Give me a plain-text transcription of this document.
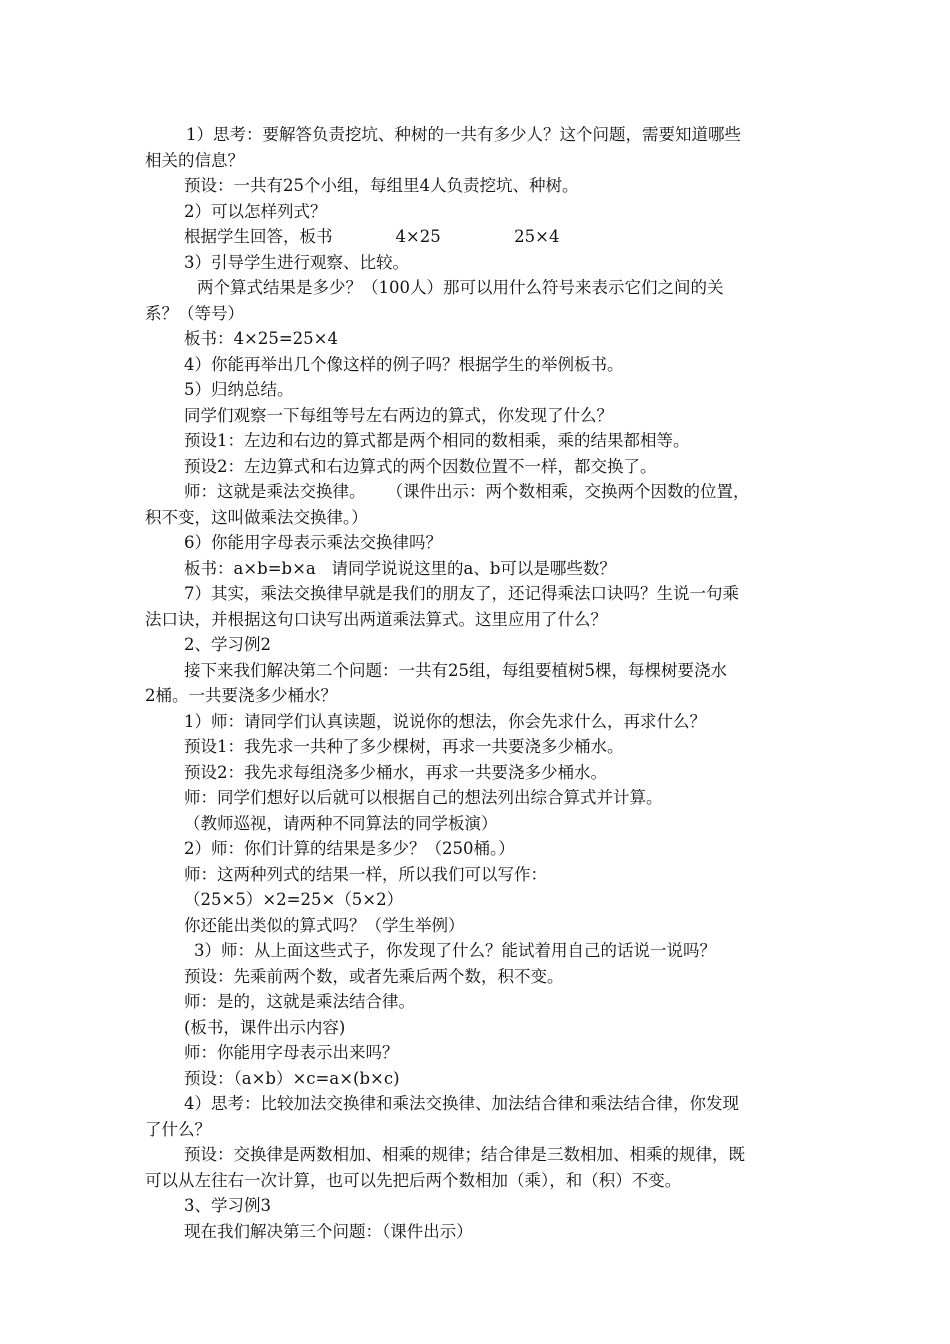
1）思考：要解答负责挖坑、种树的一共有多少人？这个问题，需要知道哪些
相关的信息？
预设：一共有25个小组，每组里4人负责挖坑、种树。
2）可以怎样列式？
根据学生回答，板书            4×25              25×4
3）引导学生进行观察、比较。
两个算式结果是多少？（100人）那可以用什么符号来表示它们之间的关
系？（等号）
板书：4×25=25×4
4）你能再举出几个像这样的例子吗？根据学生的举例板书。
5）归纳总结。
同学们观察一下每组等号左右两边的算式，你发现了什么？
预设1：左边和右边的算式都是两个相同的数相乘，乘的结果都相等。
预设2：左边算式和右边算式的两个因数位置不一样，都交换了。
师：这就是乘法交换律。    （课件出示：两个数相乘，交换两个因数的位置，
积不变，这叫做乘法交换律。）
6）你能用字母表示乘法交换律吗？
板书：a×b=b×a   请同学说说这里的a、b可以是哪些数？
7）其实，乘法交换律早就是我们的朋友了，还记得乘法口诀吗？生说一句乘
法口诀，并根据这句口诀写出两道乘法算式。这里应用了什么？
2、学习例2
接下来我们解决第二个问题：一共有25组，每组要植树5棵，每棵树要浇水
2桶。一共要浇多少桶水？
1）师：请同学们认真读题，说说你的想法，你会先求什么，再求什么？
预设1：我先求一共种了多少棵树，再求一共要浇多少桶水。
预设2：我先求每组浇多少桶水，再求一共要浇多少桶水。
师：同学们想好以后就可以根据自己的想法列出综合算式并计算。
（教师巡视，请两种不同算法的同学板演）
2）师：你们计算的结果是多少？（250桶。）
师：这两种列式的结果一样，所以我们可以写作：
（25×5）×2=25×（5×2）
你还能出类似的算式吗？（学生举例）
3）师：从上面这些式子，你发现了什么？能试着用自己的话说一说吗？
预设：先乘前两个数，或者先乘后两个数，积不变。
师：是的，这就是乘法结合律。
(板书，课件出示内容)
师：你能用字母表示出来吗？
预设：（a×b）×c=a×(b×c)
4）思考：比较加法交换律和乘法交换律、加法结合律和乘法结合律，你发现
了什么？
预设：交换律是两数相加、相乘的规律；结合律是三数相加、相乘的规律，既
可以从左往右一次计算，也可以先把后两个数相加（乘），和（积）不变。
3、学习例3
现在我们解决第三个问题：（课件出示）
